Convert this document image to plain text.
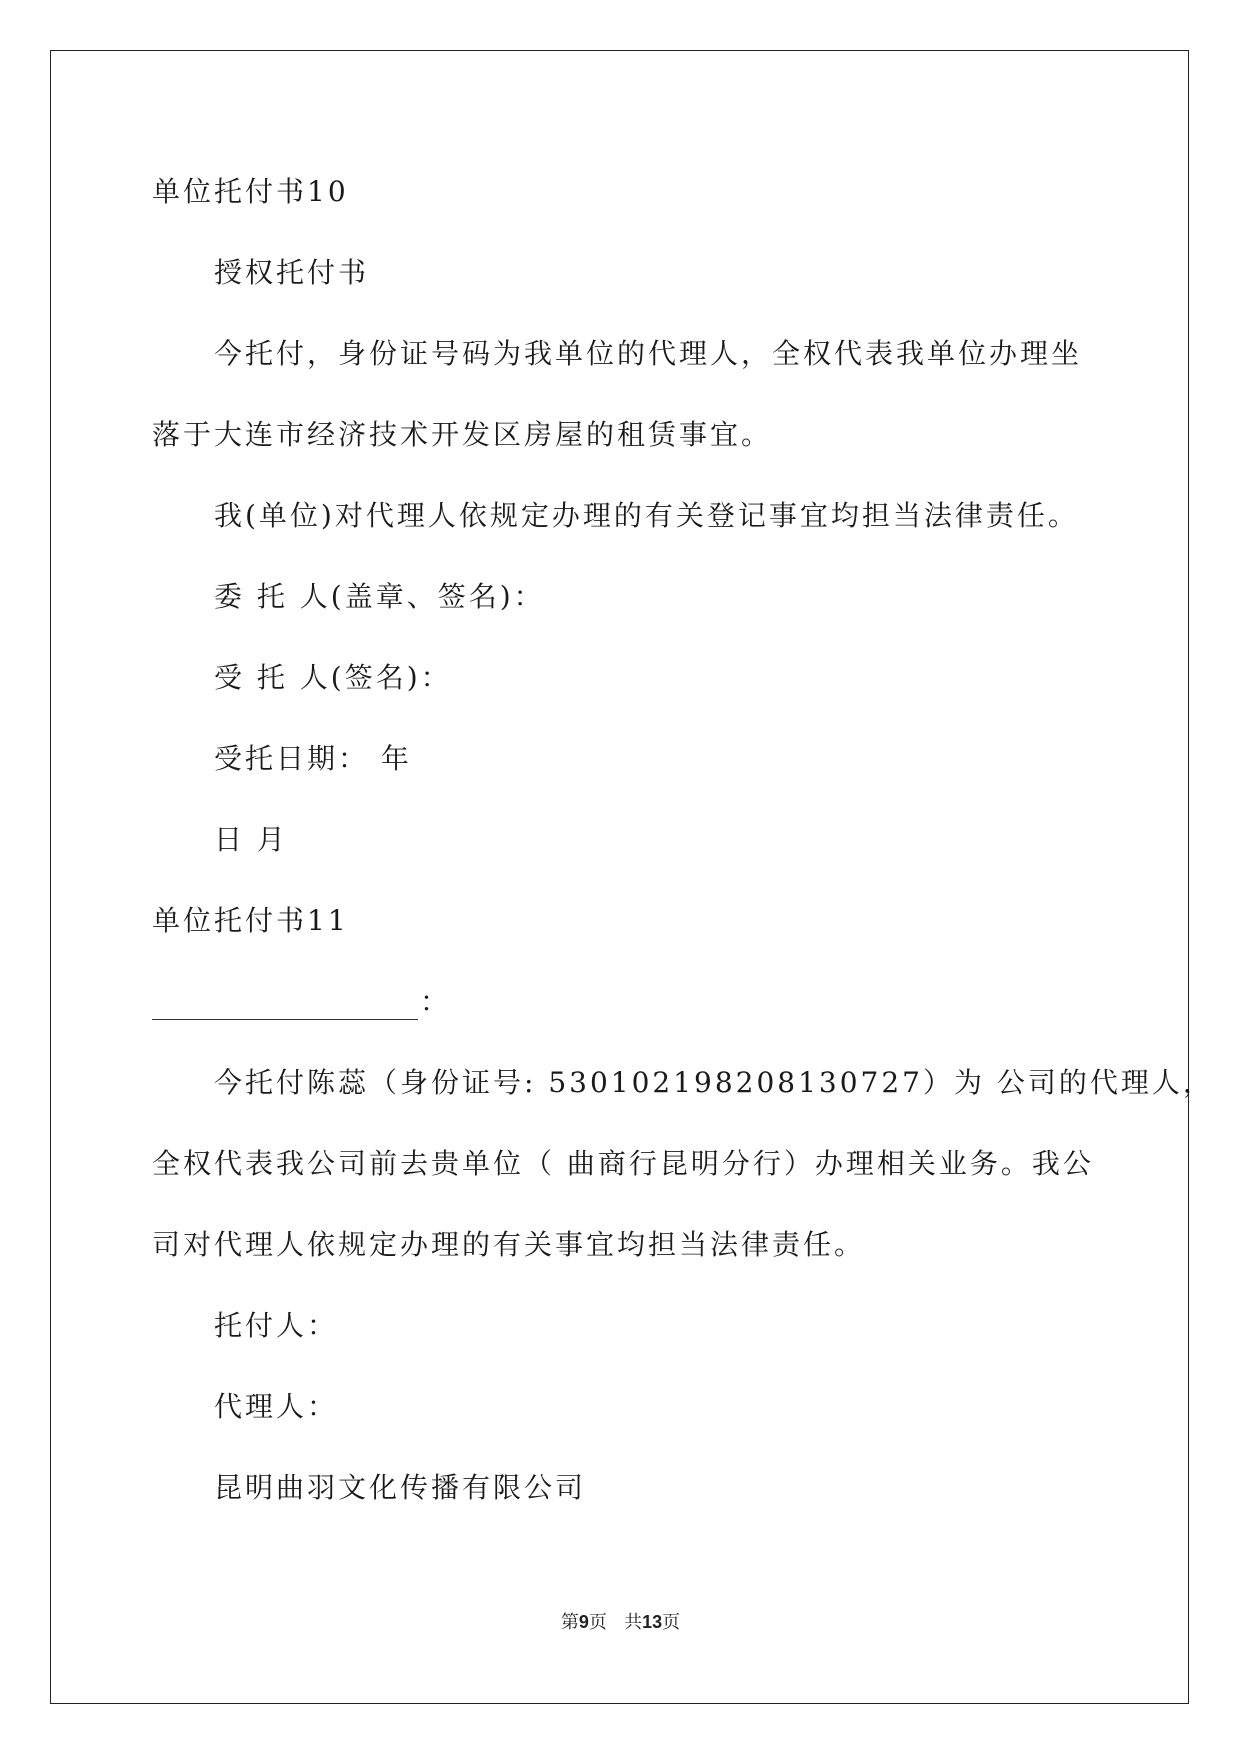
单位托付书10
授权托付书
今托付，身份证号码为我单位的代理人，全权代表我单位办理坐
落于大连市经济技术开发区房屋的租赁事宜。
我(单位)对代理人依规定办理的有关登记事宜均担当法律责任。
委 托 人(盖章、签名)：
受 托 人(签名)：
受托日期： 年
日 月
单位托付书11
：
今托付陈蕊（身份证号: 530102198208130727）为 公司的代理人，
全权代表我公司前去贵单位（ 曲商行昆明分行）办理相关业务。我公
司对代理人依规定办理的有关事宜均担当法律责任。
托付人：
代理人：
昆明曲羽文化传播有限公司
第9页 共13页
